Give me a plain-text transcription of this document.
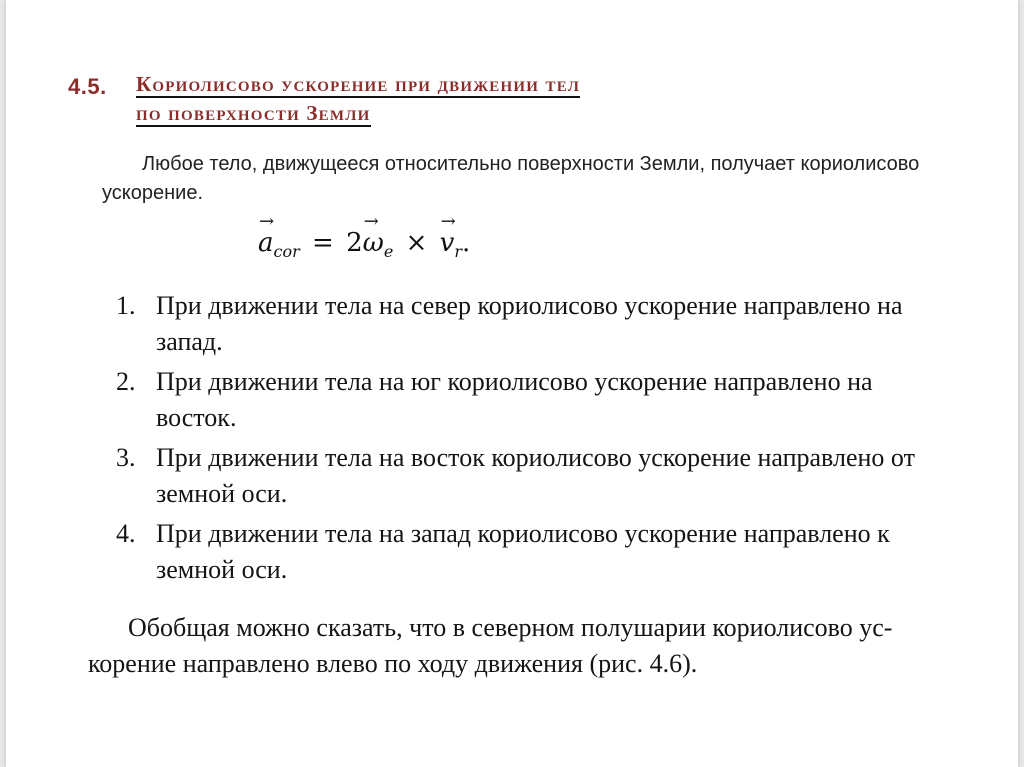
4.5. Кориолисово ускорение при движении тел
по поверхности Земли
Любое тело, движущееся относительно поверхности Земли, получает кориолисово ускорение.
→ $a_{cor} = 2\to \omega_e$ × → $v_r$.
1. При движении тела на север кориолисово ускорение направлено на запад.
2. При движении тела на юг кориолисово ускорение направлено на восток.
3. При движении тела на восток кориолисово ускорение направлено от земной оси.
4. При движении тела на запад кориолисово ускорение направлено к земной оси.
Обобщая можно сказать, что в северном полушарии кориолисово ус-корение направлено влево по ходу движения (рис. 4.6).
